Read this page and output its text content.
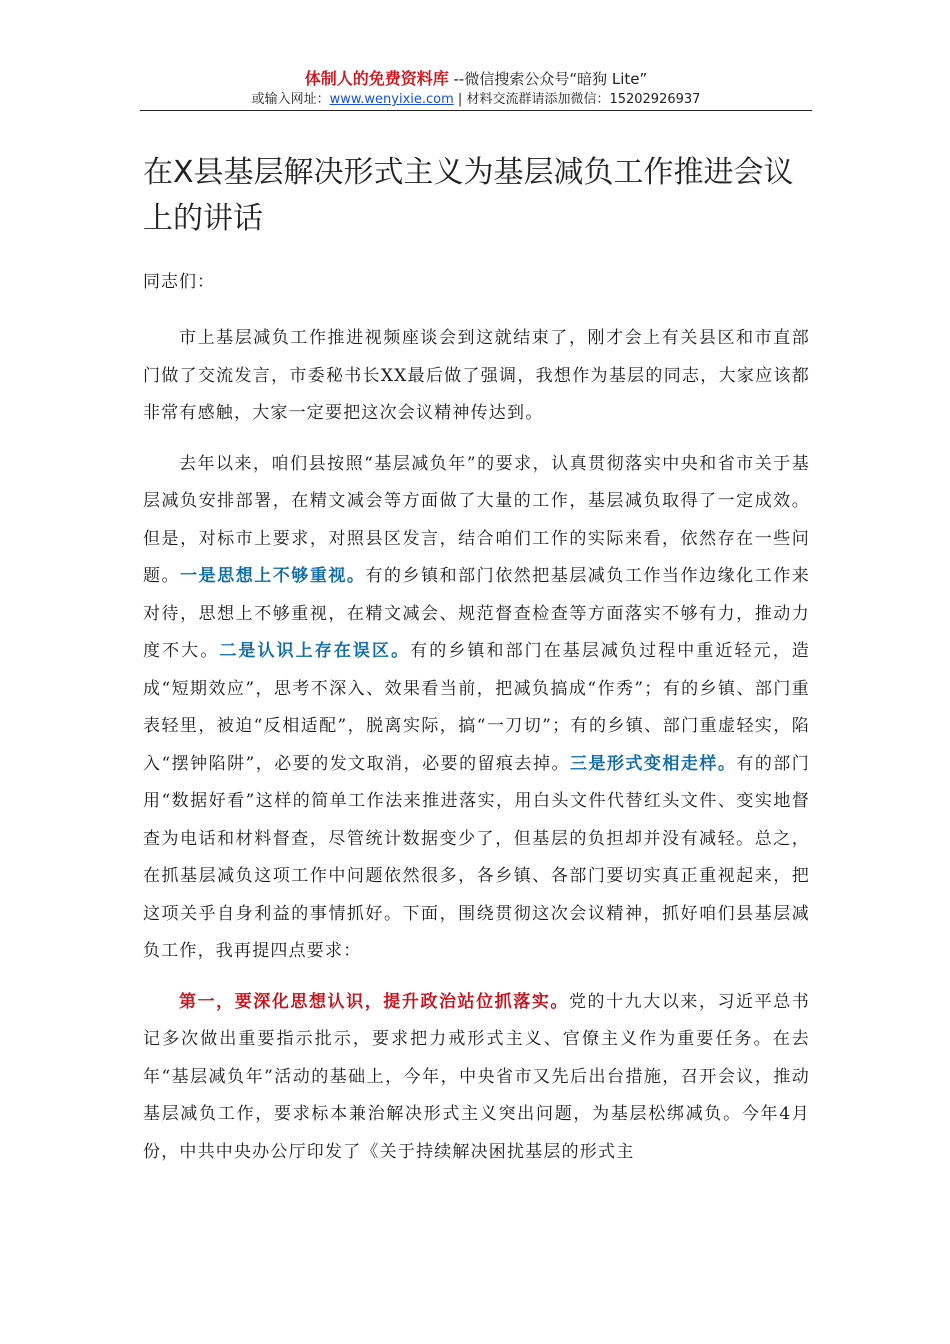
体制人的免费资料库 --微信搜索公众号“暗狗 Lite”
或输入网址：www.wenyixie.com | 材料交流群请添加微信：15202926937
在X县基层解决形式主义为基层减负工作推进会议上的讲话

同志们：

市上基层减负工作推进视频座谈会到这就结束了，刚才会上有关县区和市直部门做了交流发言，市委秘书长XX最后做了强调，我想作为基层的同志，大家应该都非常有感触，大家一定要把这次会议精神传达到。

去年以来，咱们县按照“基层减负年”的要求，认真贯彻落实中央和省市关于基层减负安排部署，在精文减会等方面做了大量的工作，基层减负取得了一定成效。但是，对标市上要求，对照县区发言，结合咱们工作的实际来看，依然存在一些问题。一是思想上不够重视。有的乡镇和部门依然把基层减负工作当作边缘化工作来对待，思想上不够重视，在精文减会、规范督查检查等方面落实不够有力，推动力度不大。二是认识上存在误区。有的乡镇和部门在基层减负过程中重近轻元，造成“短期效应”，思考不深入、效果看当前，把减负搞成“作秀”；有的乡镇、部门重表轻里，被迫“反相适配”，脱离实际，搞“一刀切”；有的乡镇、部门重虚轻实，陷入“摆钟陷阱”，必要的发文取消，必要的留痕去掉。三是形式变相走样。有的部门用“数据好看”这样的简单工作法来推进落实，用白头文件代替红头文件、变实地督查为电话和材料督查，尽管统计数据变少了，但基层的负担却并没有减轻。总之，在抓基层减负这项工作中问题依然很多，各乡镇、各部门要切实真正重视起来，把这项关乎自身利益的事情抓好。下面，围绕贯彻这次会议精神，抓好咱们县基层减负工作，我再提四点要求：

第一，要深化思想认识，提升政治站位抓落实。党的十九大以来，习近平总书记多次做出重要指示批示，要求把力戒形式主义、官僚主义作为重要任务。在去年“基层减负年”活动的基础上，今年，中央省市又先后出台措施，召开会议，推动基层减负工作，要求标本兼治解决形式主义突出问题，为基层松绑减负。今年4月份，中共中央办公厅印发了《关于持续解决困扰基层的形式主
